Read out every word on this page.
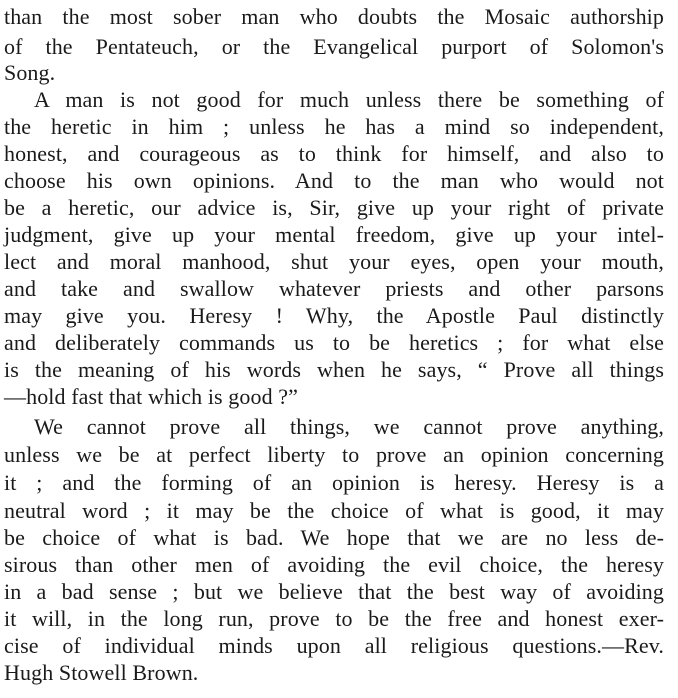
than the most sober man who doubts the Mosaic authorship
of the Pentateuch, or the Evangelical purport of Solomon's
Song.
A man is not good for much unless there be something of
the heretic in him ; unless he has a mind so independent,
honest, and courageous as to think for himself, and also to
choose his own opinions. And to the man who would not
be a heretic, our advice is, Sir, give up your right of private
judgment, give up your mental freedom, give up your intel-
lect and moral manhood, shut your eyes, open your mouth,
and take and swallow whatever priests and other parsons
may give you. Heresy ! Why, the Apostle Paul distinctly
and deliberately commands us to be heretics ; for what else
is the meaning of his words when he says, “ Prove all things
—hold fast that which is good ?”
We cannot prove all things, we cannot prove anything,
unless we be at perfect liberty to prove an opinion concerning
it ; and the forming of an opinion is heresy. Heresy is a
neutral word ; it may be the choice of what is good, it may
be choice of what is bad. We hope that we are no less de-
sirous than other men of avoiding the evil choice, the heresy
in a bad sense ; but we believe that the best way of avoiding
it will, in the long run, prove to be the free and honest exer-
cise of individual minds upon all religious questions.—Rev.
Hugh Stowell Brown.
